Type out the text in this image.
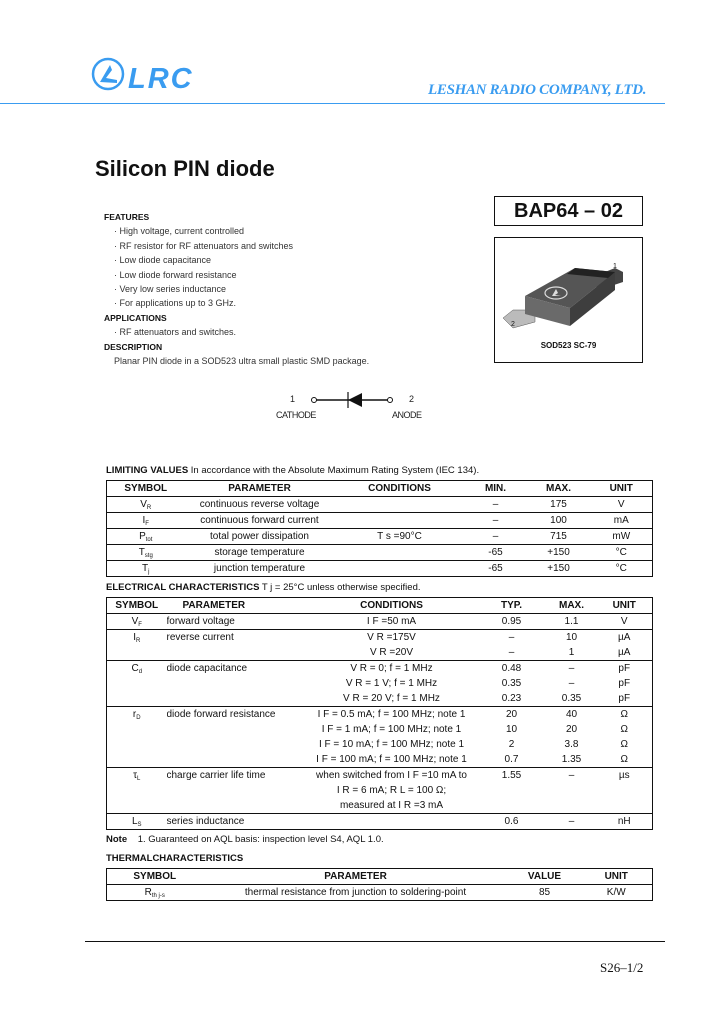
LRC	LESHAN RADIO COMPANY, LTD.
Silicon PIN diode
BAP64 – 02
1
2
SOD523 SC-79
FEATURES
· High voltage, current controlled
· RF resistor for RF attenuators and switches
· Low diode capacitance
· Low diode forward resistance
· Very low series inductance
· For applications up to 3 GHz.
APPLICATIONS
· RF attenuators and switches.
DESCRIPTION
Planar PIN diode in a SOD523 ultra small plastic SMD package.
1	2
CATHODE	ANODE
LIMITING VALUES In accordance with the Absolute Maximum Rating System (IEC 134).
SYMBOL	PARAMETER	CONDITIONS	MIN.	MAX.	UNIT
$V_R$	continuous reverse voltage		–	175	V
$I_F$	continuous forward current		–	100	mA
$P_{tot}$	total power dissipation	T s =90°C	–	715	mW
$T_{stg}$	storage temperature		-65	+150	°C
$T_j$	junction temperature		-65	+150	°C
ELECTRICAL CHARACTERISTICS T j = 25°C unless otherwise specified.
SYMBOL	PARAMETER	CONDITIONS	TYP.	MAX.	UNIT
$V_F$	forward voltage	I F =50 mA	0.95	1.1	V
$I_R$	reverse current	V R =175V	–	10	µA
		V R =20V	–	1	µA
$C_d$	diode capacitance	V R = 0; f = 1 MHz	0.48	–	pF
		V R = 1 V; f = 1 MHz	0.35	–	pF
		V R = 20 V; f = 1 MHz	0.23	0.35	pF
$r_D$	diode forward resistance	I F = 0.5 mA; f = 100 MHz; note 1	20	40	Ω
		I F = 1 mA; f = 100 MHz; note 1	10	20	Ω
		I F = 10 mA; f = 100 MHz; note 1	2	3.8	Ω
		I F = 100 mA; f = 100 MHz; note 1	0.7	1.35	Ω
$\tau_L$	charge carrier life time	when switched from I F =10 mA to	1.55	–	µs
		I R = 6 mA; R L = 100 Ω;			
		measured at I R =3 mA			
$L_S$	series inductance		0.6	–	nH
Note 1. Guaranteed on AQL basis: inspection level S4, AQL 1.0.
THERMALCHARACTERISTICS
SYMBOL	PARAMETER	VALUE	UNIT
$R_{th j-s}$	thermal resistance from junction to soldering-point	85	K/W
S26–1/2
